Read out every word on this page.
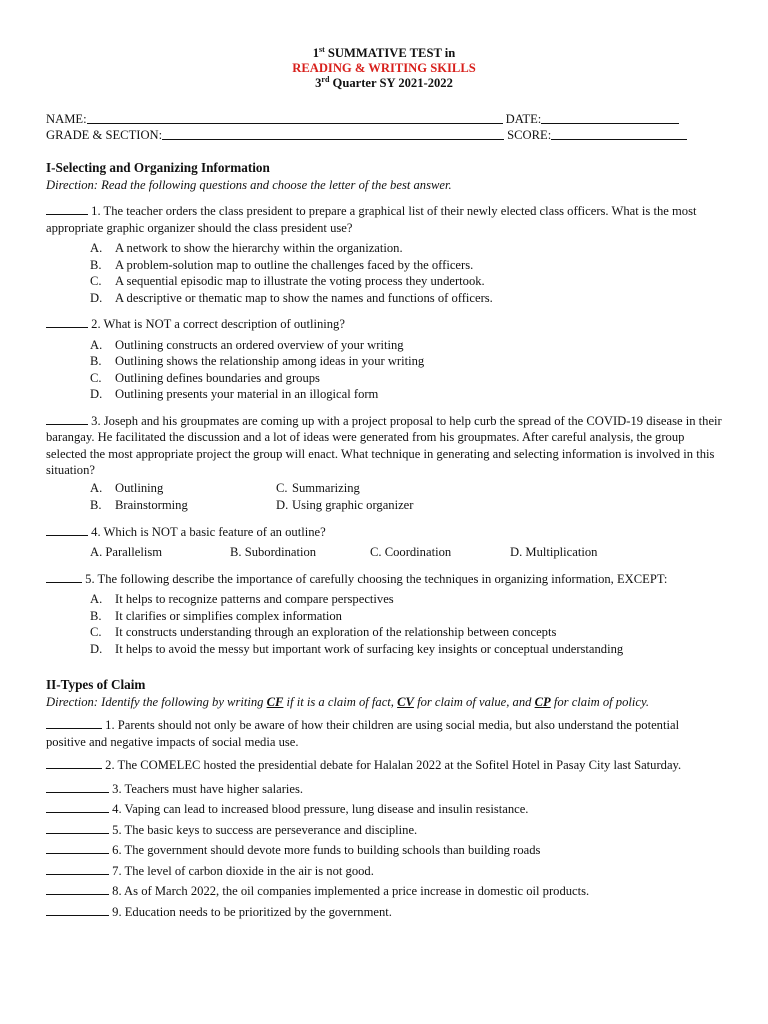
1st SUMMATIVE TEST in
READING & WRITING SKILLS
3rd Quarter SY 2021-2022
NAME:	DATE:
GRADE & SECTION:	SCORE:
I-Selecting and Organizing Information
Direction: Read the following questions and choose the letter of the best answer.
1. The teacher orders the class president to prepare a graphical list of their newly elected class officers. What is the most appropriate graphic organizer should the class president use?
A.	A network to show the hierarchy within the organization.
B.	A problem-solution map to outline the challenges faced by the officers.
C.	A sequential episodic map to illustrate the voting process they undertook.
D.	A descriptive or thematic map to show the names and functions of officers.
2. What is NOT a correct description of outlining?
A.	Outlining constructs an ordered overview of your writing
B.	Outlining shows the relationship among ideas in your writing
C.	Outlining defines boundaries and groups
D.	Outlining presents your material in an illogical form
3. Joseph and his groupmates are coming up with a project proposal to help curb the spread of the COVID-19 disease in their barangay. He facilitated the discussion and a lot of ideas were generated from his groupmates. After careful analysis, the group selected the most appropriate project the group will enact. What technique in generating and selecting information is involved in this situation?
A.	Outlining	C. Summarizing
B.	Brainstorming	D. Using graphic organizer
4. Which is NOT a basic feature of an outline?
A. Parallelism	B. Subordination	C. Coordination	D. Multiplication
5. The following describe the importance of carefully choosing the techniques in organizing information, EXCEPT:
A.	It helps to recognize patterns and compare perspectives
B.	It clarifies or simplifies complex information
C.	It constructs understanding through an exploration of the relationship between concepts
D.	It helps to avoid the messy but important work of surfacing key insights or conceptual understanding
II-Types of Claim
Direction: Identify the following by writing CF if it is a claim of fact, CV for claim of value, and CP for claim of policy.
1. Parents should not only be aware of how their children are using social media, but also understand the potential positive and negative impacts of social media use.
2. The COMELEC hosted the presidential debate for Halalan 2022 at the Sofitel Hotel in Pasay City last Saturday.
3. Teachers must have higher salaries.
4. Vaping can lead to increased blood pressure, lung disease and insulin resistance.
5. The basic keys to success are perseverance and discipline.
6. The government should devote more funds to building schools than building roads
7. The level of carbon dioxide in the air is not good.
8. As of March 2022, the oil companies implemented a price increase in domestic oil products.
9. Education needs to be prioritized by the government.
